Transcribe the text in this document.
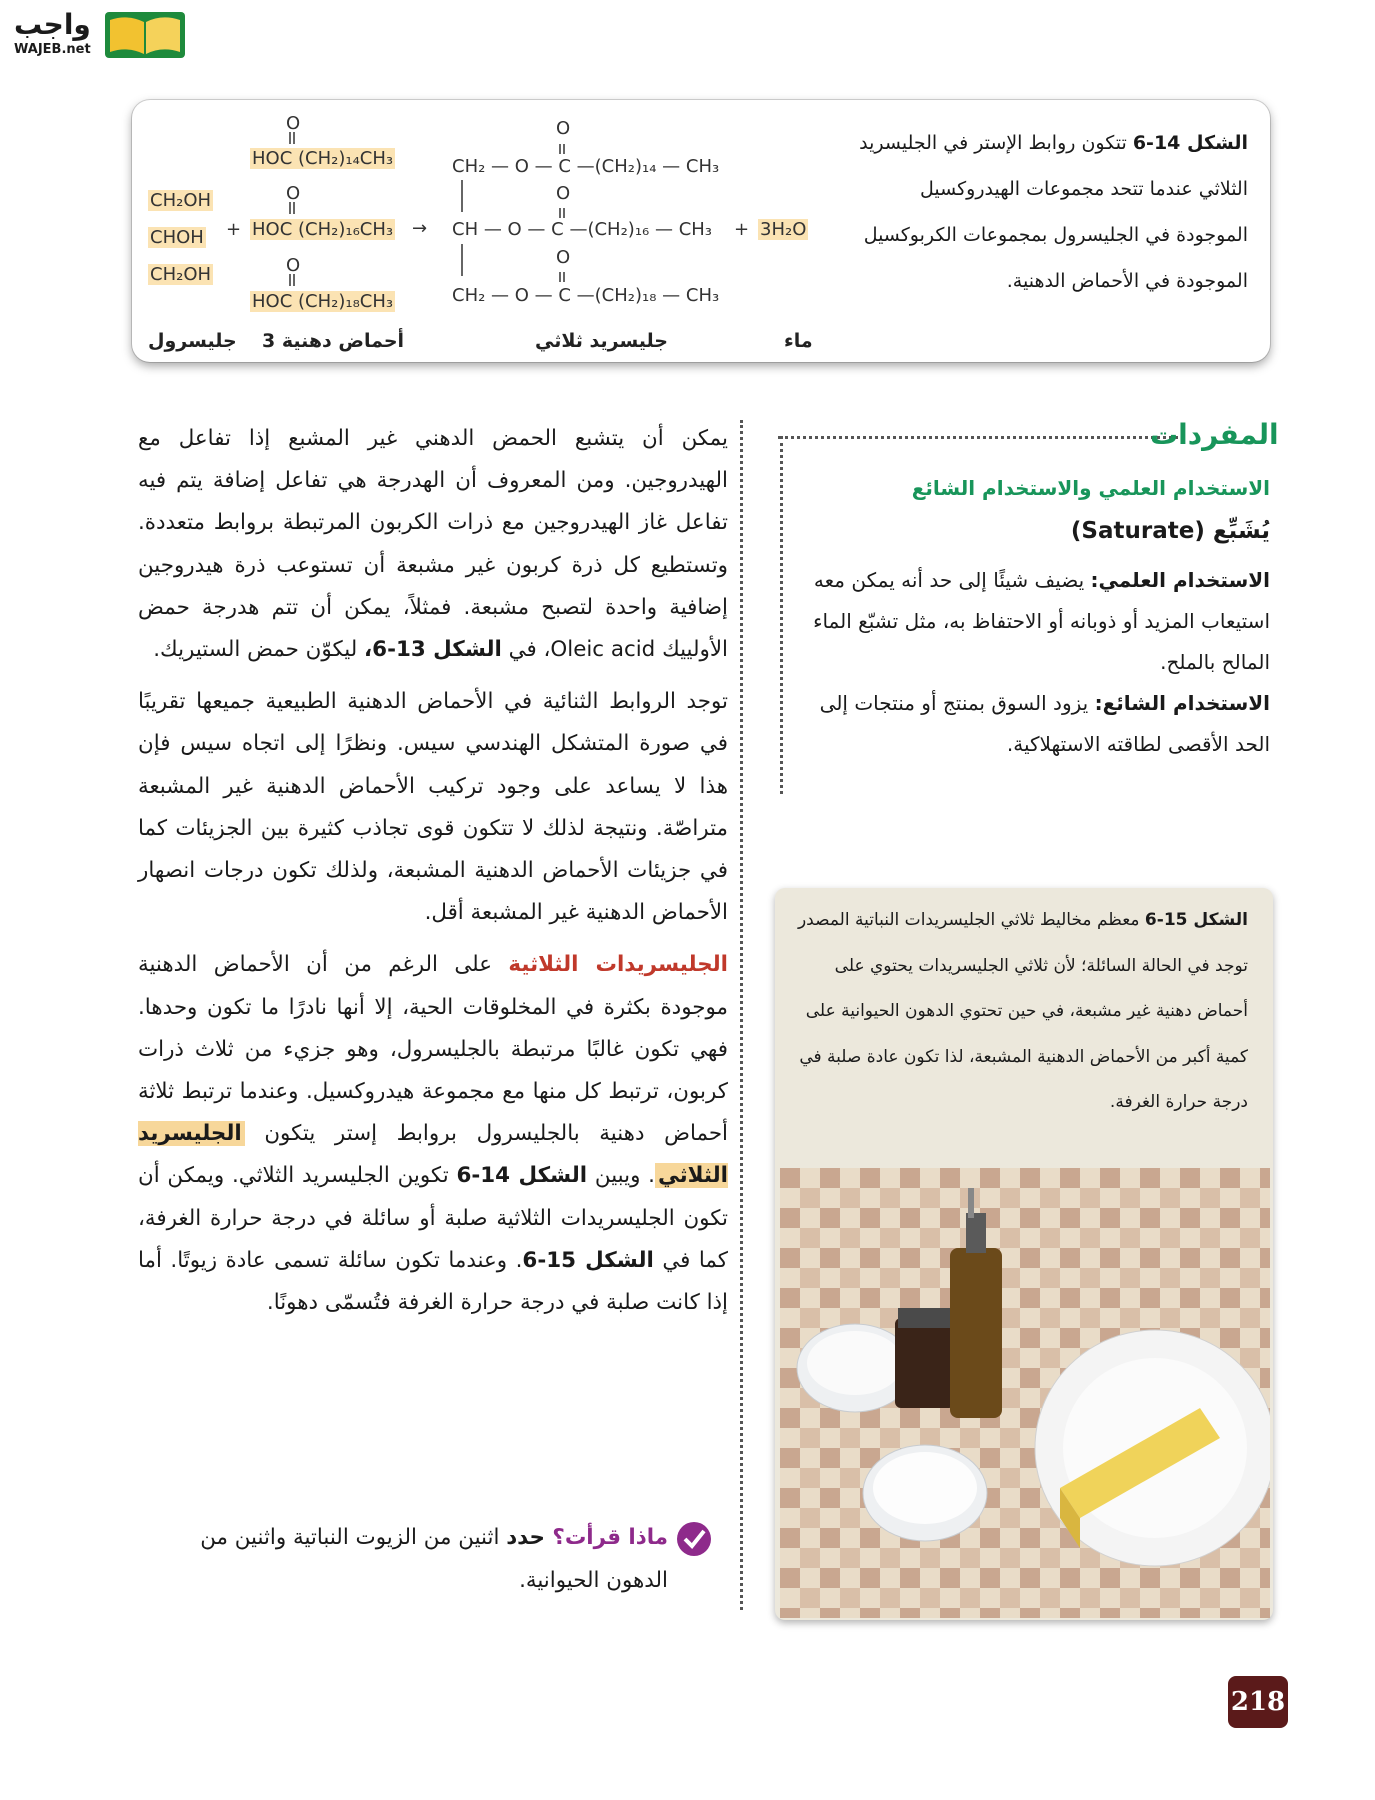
واجب
WAJEB.net
الشكل 14-6 تتكون روابط الإستر في الجليسريد الثلاثي عندما تتحد مجموعات الهيدروكسيل الموجودة في الجليسرول بمجموعات الكربوكسيل الموجودة في الأحماض الدهنية.
CH₂OH
CHOH
CH₂OH
+
O
HOC (CH₂)₁₄CH₃
O
HOC (CH₂)₁₆CH₃
O
HOC (CH₂)₁₈CH₃
→
O
CH₂ — O — C —(CH₂)₁₄ — CH₃
O
CH — O — C —(CH₂)₁₆ — CH₃
O
CH₂ — O — C —(CH₂)₁₈ — CH₃
+ 3H₂O
جليسرول 3 أحماض دهنية	جليسريد ثلاثي	ماء
المفردات
الاستخدام العلمي والاستخدام الشائع
يُشَبِّع (Saturate)
الاستخدام العلمي: يضيف شيئًا إلى حد أنه يمكن معه استيعاب المزيد أو ذوبانه أو الاحتفاظ به، مثل تشبّع الماء المالح بالملح.
الاستخدام الشائع: يزود السوق بمنتج أو منتجات إلى الحد الأقصى لطاقته الاستهلاكية.
الشكل 15-6 معظم مخاليط ثلاثي الجليسريدات النباتية المصدر توجد في الحالة السائلة؛ لأن ثلاثي الجليسريدات يحتوي على أحماض دهنية غير مشبعة، في حين تحتوي الدهون الحيوانية على كمية أكبر من الأحماض الدهنية المشبعة، لذا تكون عادة صلبة في درجة حرارة الغرفة.

يمكن أن يتشبع الحمض الدهني غير المشبع إذا تفاعل مع الهيدروجين. ومن المعروف أن الهدرجة هي تفاعل إضافة يتم فيه تفاعل غاز الهيدروجين مع ذرات الكربون المرتبطة بروابط متعددة. وتستطيع كل ذرة كربون غير مشبعة أن تستوعب ذرة هيدروجين إضافية واحدة لتصبح مشبعة. فمثلاً، يمكن أن تتم هدرجة حمض الأولييك Oleic acid، في الشكل 13-6، ليكوّن حمض الستيريك.

توجد الروابط الثنائية في الأحماض الدهنية الطبيعية جميعها تقريبًا في صورة المتشكل الهندسي سيس. ونظرًا إلى اتجاه سيس فإن هذا لا يساعد على وجود تركيب الأحماض الدهنية غير المشبعة متراصّة. ونتيجة لذلك لا تتكون قوى تجاذب كثيرة بين الجزيئات كما في جزيئات الأحماض الدهنية المشبعة، ولذلك تكون درجات انصهار الأحماض الدهنية غير المشبعة أقل.

الجليسريدات الثلاثية على الرغم من أن الأحماض الدهنية موجودة بكثرة في المخلوقات الحية، إلا أنها نادرًا ما تكون وحدها. فهي تكون غالبًا مرتبطة بالجليسرول، وهو جزيء من ثلاث ذرات كربون، ترتبط كل منها مع مجموعة هيدروكسيل. وعندما ترتبط ثلاثة أحماض دهنية بالجليسرول بروابط إستر يتكون الجليسريد الثلاثي. ويبين الشكل 14-6 تكوين الجليسريد الثلاثي. ويمكن أن تكون الجليسريدات الثلاثية صلبة أو سائلة في درجة حرارة الغرفة، كما في الشكل 15-6. وعندما تكون سائلة تسمى عادة زيوتًا. أما إذا كانت صلبة في درجة حرارة الغرفة فتُسمّى دهونًا.

ماذا قرأت؟ حدد اثنين من الزيوت النباتية واثنين من الدهون الحيوانية.
218
